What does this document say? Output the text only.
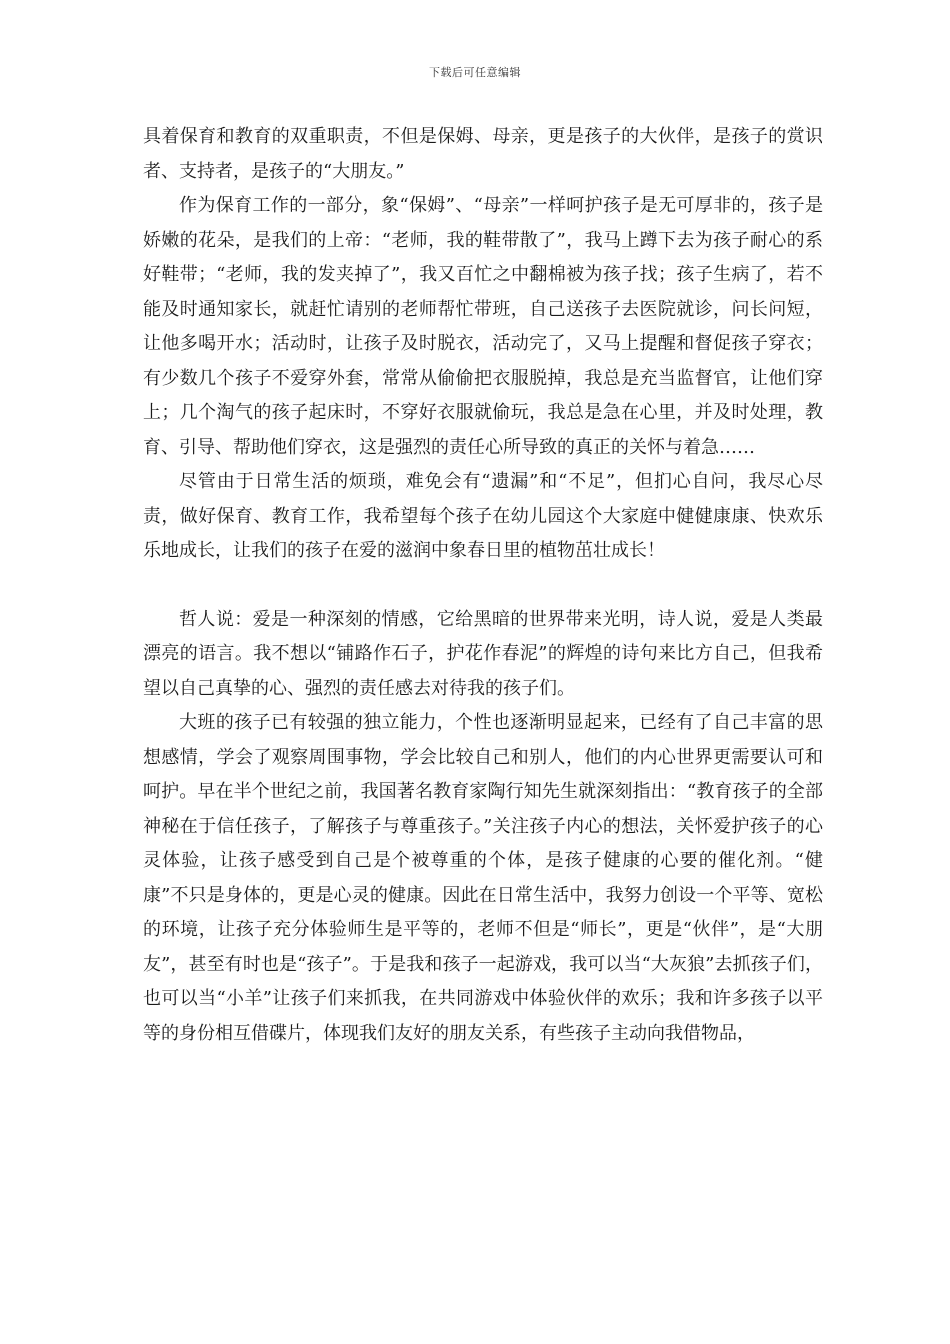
下载后可任意编辑

具着保育和教育的双重职责，不但是保姆、母亲，更是孩子的大伙伴，是孩子的赏识者、支持者，是孩子的“大朋友。”

作为保育工作的一部分，象“保姆”、“母亲”一样呵护孩子是无可厚非的，孩子是娇嫩的花朵，是我们的上帝：“老师，我的鞋带散了”，我马上蹲下去为孩子耐心的系好鞋带；“老师，我的发夹掉了”，我又百忙之中翻棉被为孩子找；孩子生病了，若不能及时通知家长，就赶忙请别的老师帮忙带班，自己送孩子去医院就诊，问长问短，让他多喝开水；活动时，让孩子及时脱衣，活动完了，又马上提醒和督促孩子穿衣；有少数几个孩子不爱穿外套，常常从偷偷把衣服脱掉，我总是充当监督官，让他们穿上；几个淘气的孩子起床时，不穿好衣服就偷玩，我总是急在心里，并及时处理，教育、引导、帮助他们穿衣，这是强烈的责任心所导致的真正的关怀与着急……

尽管由于日常生活的烦琐，难免会有“遗漏”和“不足”，但扪心自问，我尽心尽责，做好保育、教育工作，我希望每个孩子在幼儿园这个大家庭中健健康康、快欢乐乐地成长，让我们的孩子在爱的滋润中象春日里的植物茁壮成长！

哲人说：爱是一种深刻的情感，它给黑暗的世界带来光明，诗人说，爱是人类最漂亮的语言。我不想以“铺路作石子，护花作春泥”的辉煌的诗句来比方自己，但我希望以自己真挚的心、强烈的责任感去对待我的孩子们。

大班的孩子已有较强的独立能力，个性也逐渐明显起来，已经有了自己丰富的思想感情，学会了观察周围事物，学会比较自己和别人，他们的内心世界更需要认可和呵护。早在半个世纪之前，我国著名教育家陶行知先生就深刻指出：“教育孩子的全部神秘在于信任孩子，了解孩子与尊重孩子。”关注孩子内心的想法，关怀爱护孩子的心灵体验，让孩子感受到自己是个被尊重的个体，是孩子健康的心要的催化剂。“健康”不只是身体的，更是心灵的健康。因此在日常生活中，我努力创设一个平等、宽松的环境，让孩子充分体验师生是平等的，老师不但是“师长”，更是“伙伴”，是“大朋友”，甚至有时也是“孩子”。于是我和孩子一起游戏，我可以当“大灰狼”去抓孩子们，也可以当“小羊”让孩子们来抓我，在共同游戏中体验伙伴的欢乐；我和许多孩子以平等的身份相互借碟片，体现我们友好的朋友关系，有些孩子主动向我借物品，
